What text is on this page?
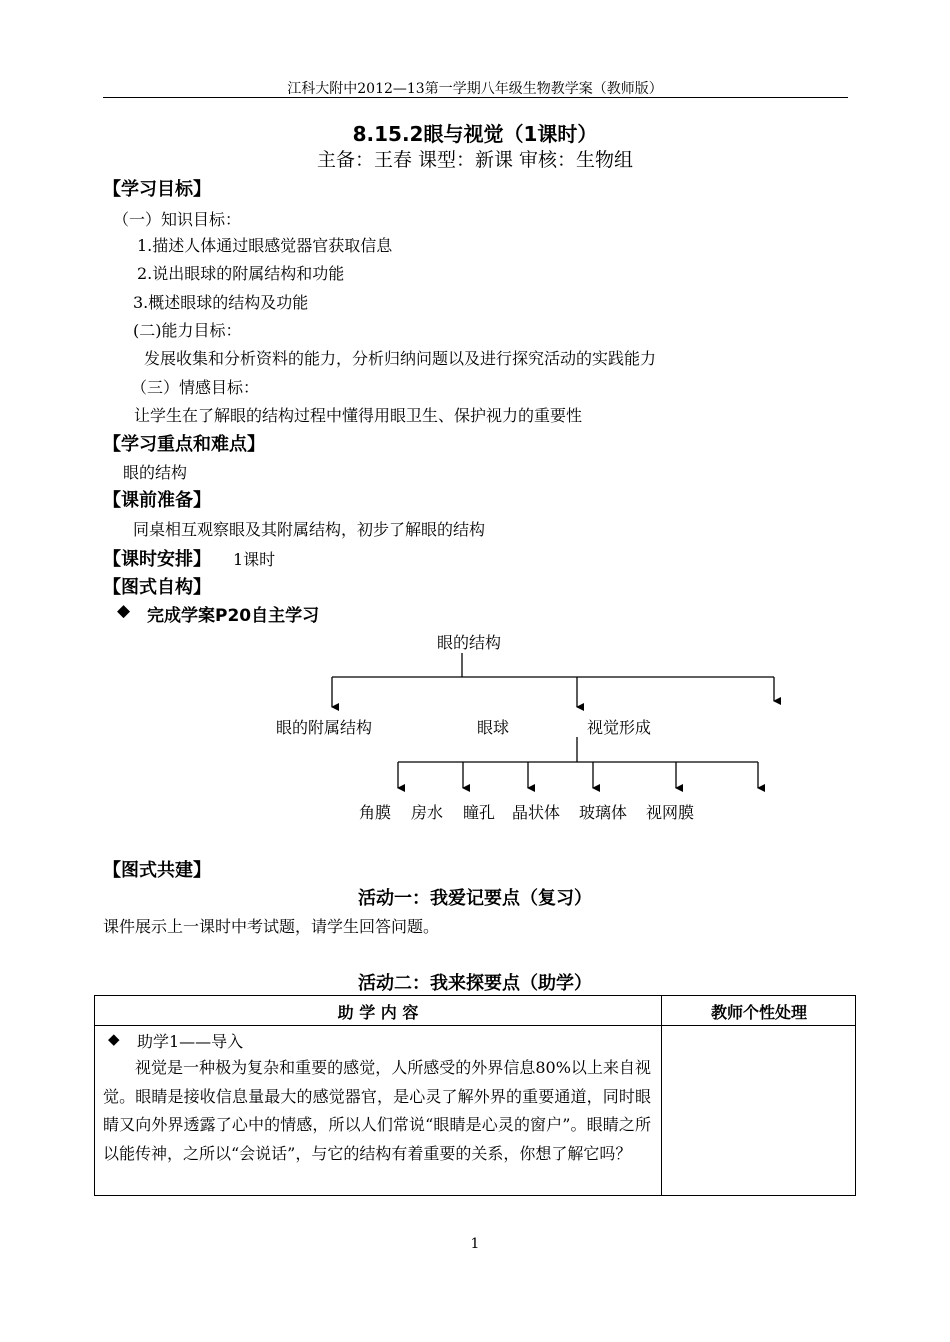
江科大附中2012—13第一学期八年级生物教学案（教师版）
8.15.2眼与视觉（1课时）
主备：王春 课型：新课 审核：生物组
【学习目标】
（一）知识目标：
1.描述人体通过眼感觉器官获取信息
2.说出眼球的附属结构和功能
3.概述眼球的结构及功能
(二)能力目标：
发展收集和分析资料的能力，分析归纳问题以及进行探究活动的实践能力
（三）情感目标：
让学生在了解眼的结构过程中懂得用眼卫生、保护视力的重要性
【学习重点和难点】
眼的结构
【课前准备】
同桌相互观察眼及其附属结构，初步了解眼的结构
【课时安排】 1课时
【图式自构】
◆ 完成学案P20自主学习
眼的结构
眼的附属结构	眼球	视觉形成
角膜 房水 瞳孔 晶状体 玻璃体 视网膜
【图式共建】
活动一：我爱记要点（复习）
课件展示上一课时中考试题，请学生回答问题。
活动二：我来探要点（助学）
助 学 内 容	教师个性处理
◆ 助学1——导入
视觉是一种极为复杂和重要的感觉，人所感受的外界信息80%以上来自视觉。眼睛是接收信息量最大的感觉器官，是心灵了解外界的重要通道，同时眼睛又向外界透露了心中的情感，所以人们常说“眼睛是心灵的窗户”。眼睛之所以能传神，之所以“会说话”，与它的结构有着重要的关系，你想了解它吗？
1
